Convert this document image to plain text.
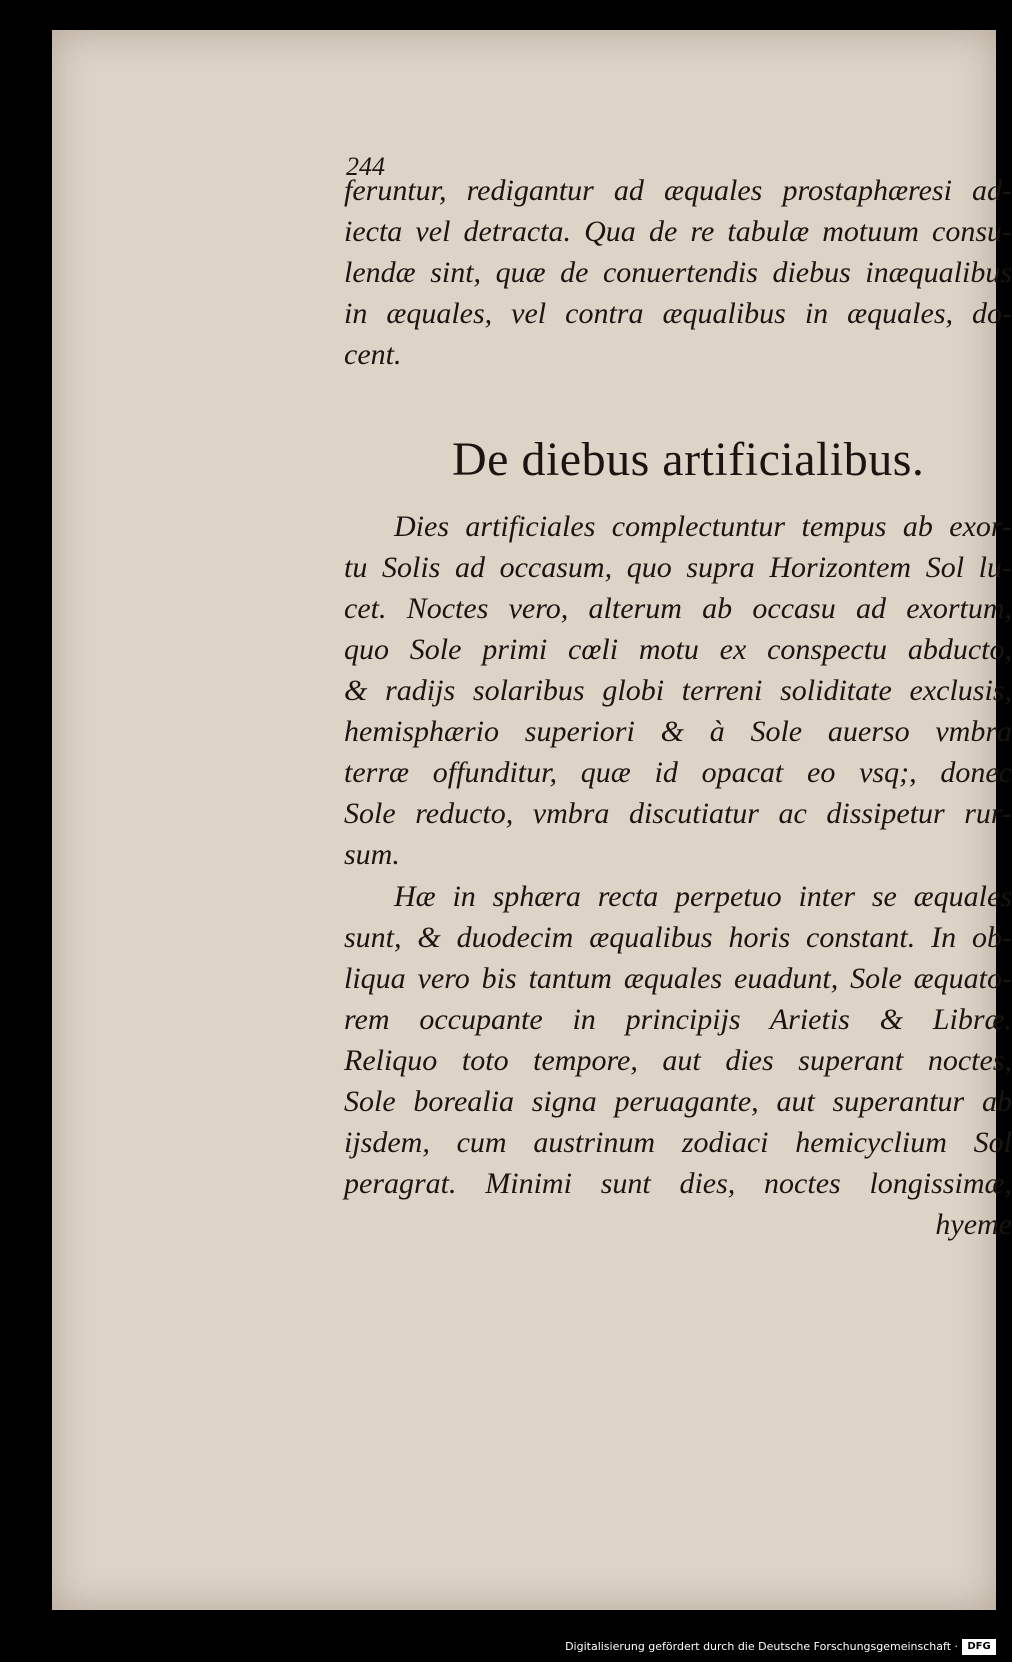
244
feruntur, redigantur ad æquales prostaphæresi ad-
iecta vel detracta. Qua de re tabulæ motuum consu-
lendæ sint, quæ de conuertendis diebus inæqualibus
in æquales, vel contra æqualibus in æquales, do-
cent.
De diebus artificialibus.
Dies artificiales complectuntur tempus ab exor-
tu Solis ad occasum, quo supra Horizontem Sol lu-
cet. Noctes vero, alterum ab occasu ad exortum,
quo Sole primi cœli motu ex conspectu abducto,
& radijs solaribus globi terreni soliditate exclusis,
hemisphærio superiori & à Sole auerso vmbra
terræ offunditur, quæ id opacat eo vsq;, donec
Sole reducto, vmbra discutiatur ac dissipetur rur-
sum.
Hæ in sphæra recta perpetuo inter se æquales
sunt, & duodecim æqualibus horis constant. In ob-
liqua vero bis tantum æquales euadunt, Sole æquato-
rem occupante in principijs Arietis & Libræ.
Reliquo toto tempore, aut dies superant noctes,
Sole borealia signa peruagante, aut superantur ab
ijsdem, cum austrinum zodiaci hemicyclium Sol
peragrat. Minimi sunt dies, noctes longissimæ,
hyeme
Digitalisierung gefördert durch die Deutsche Forschungsgemeinschaft · DFG
